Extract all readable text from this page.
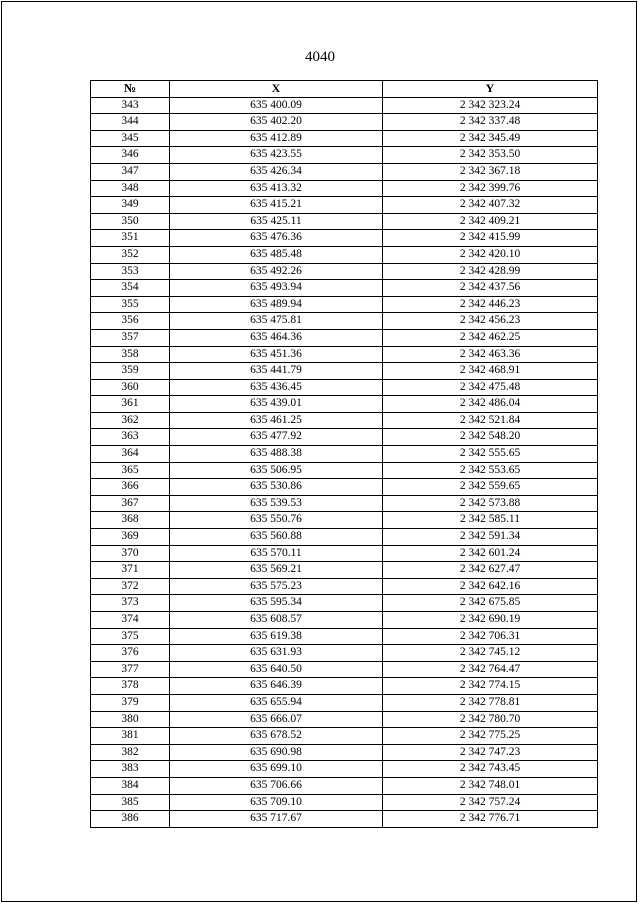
4040
№	X	Y
343	635 400.09	2 342 323.24
344	635 402.20	2 342 337.48
345	635 412.89	2 342 345.49
346	635 423.55	2 342 353.50
347	635 426.34	2 342 367.18
348	635 413.32	2 342 399.76
349	635 415.21	2 342 407.32
350	635 425.11	2 342 409.21
351	635 476.36	2 342 415.99
352	635 485.48	2 342 420.10
353	635 492.26	2 342 428.99
354	635 493.94	2 342 437.56
355	635 489.94	2 342 446.23
356	635 475.81	2 342 456.23
357	635 464.36	2 342 462.25
358	635 451.36	2 342 463.36
359	635 441.79	2 342 468.91
360	635 436.45	2 342 475.48
361	635 439.01	2 342 486.04
362	635 461.25	2 342 521.84
363	635 477.92	2 342 548.20
364	635 488.38	2 342 555.65
365	635 506.95	2 342 553.65
366	635 530.86	2 342 559.65
367	635 539.53	2 342 573.88
368	635 550.76	2 342 585.11
369	635 560.88	2 342 591.34
370	635 570.11	2 342 601.24
371	635 569.21	2 342 627.47
372	635 575.23	2 342 642.16
373	635 595.34	2 342 675.85
374	635 608.57	2 342 690.19
375	635 619.38	2 342 706.31
376	635 631.93	2 342 745.12
377	635 640.50	2 342 764.47
378	635 646.39	2 342 774.15
379	635 655.94	2 342 778.81
380	635 666.07	2 342 780.70
381	635 678.52	2 342 775.25
382	635 690.98	2 342 747.23
383	635 699.10	2 342 743.45
384	635 706.66	2 342 748.01
385	635 709.10	2 342 757.24
386	635 717.67	2 342 776.71
